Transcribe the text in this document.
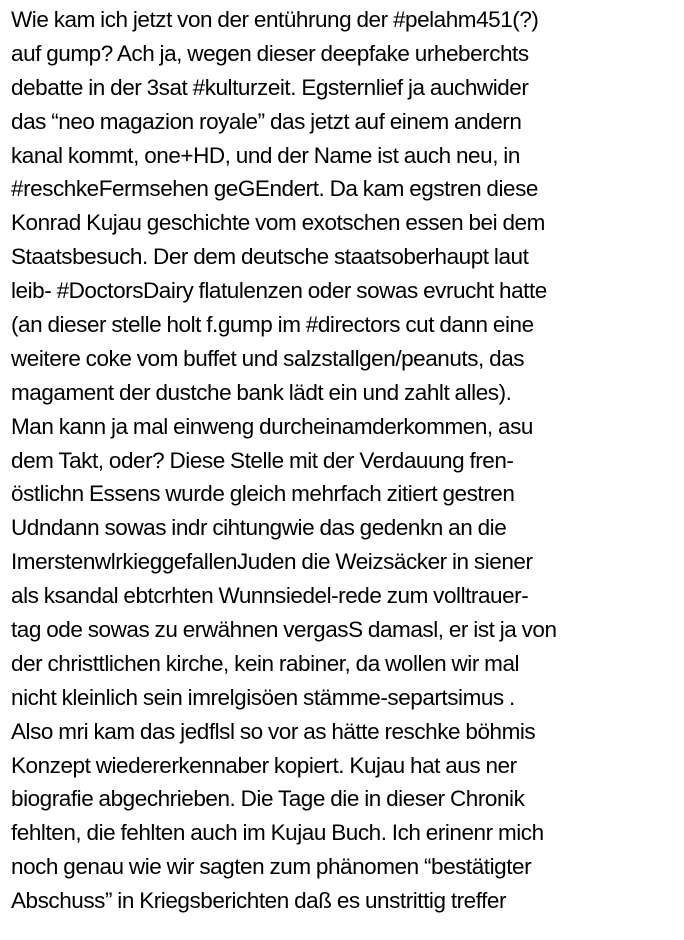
Wie kam ich jetzt von der entührung der #pelahm451(?)
auf gump? Ach ja, wegen dieser deepfake urheberchts
debatte in der 3sat #kulturzeit. Egsternlief ja auchwider
das “neo magazion royale” das jetzt auf einem andern
kanal kommt, one+HD, und der Name ist auch neu, in
#reschkeFermsehen geGEndert. Da kam egstren diese
Konrad Kujau geschichte vom exotschen essen bei dem
Staatsbesuch. Der dem deutsche staatsoberhaupt laut
leib- #DoctorsDairy flatulenzen oder sowas evrucht hatte
(an dieser stelle holt f.gump im #directors cut dann eine
weitere coke vom buffet und salzstallgen/peanuts, das
magament der dustche bank lädt ein und zahlt alles).
Man kann ja mal einweng durcheinamderkommen, asu
dem Takt, oder? Diese Stelle mit der Verdauung fren-
östlichn Essens wurde gleich mehrfach zitiert gestren
Udndann sowas indr cihtungwie das gedenkn an die
ImerstenwlrkieggefallenJuden die Weizsäcker in siener
als ksandal ebtcrhten Wunnsiedel-rede zum volltrauer-
tag ode sowas zu erwähnen vergasS damasl, er ist ja von
der christtlichen kirche, kein rabiner, da wollen wir mal
nicht kleinlich sein imrelgisöen stämme-separtsimus .
Also mri kam das jedflsl so vor as hätte reschke böhmis
Konzept wiedererkennaber kopiert. Kujau hat aus ner
biografie abgechrieben. Die Tage die in dieser Chronik
fehlten, die fehlten auch im Kujau Buch. Ich erinenr mich
noch genau wie wir sagten zum phänomen “bestätigter
Abschuss” in Kriegsberichten daß es unstrittig treffer
